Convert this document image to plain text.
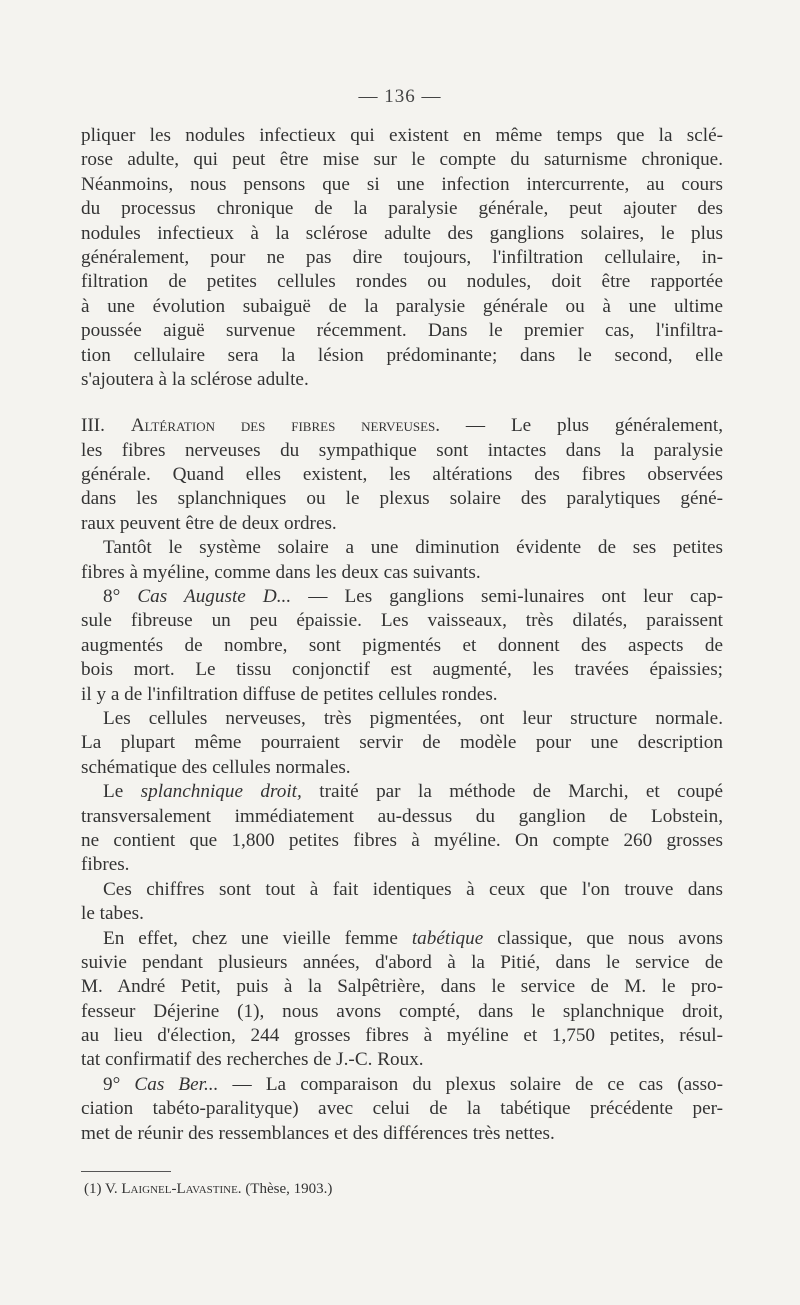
— 136 —
pliquer les nodules infectieux qui existent en même temps que la sclé-
rose adulte, qui peut être mise sur le compte du saturnisme chronique.
Néanmoins, nous pensons que si une infection intercurrente, au cours
du processus chronique de la paralysie générale, peut ajouter des
nodules infectieux à la sclérose adulte des ganglions solaires, le plus
généralement, pour ne pas dire toujours, l'infiltration cellulaire, in-
filtration de petites cellules rondes ou nodules, doit être rapportée
à une évolution subaiguë de la paralysie générale ou à une ultime
poussée aiguë survenue récemment. Dans le premier cas, l'infiltra-
tion cellulaire sera la lésion prédominante; dans le second, elle
s'ajoutera à la sclérose adulte.
III. Altération des fibres nerveuses. — Le plus généralement,
les fibres nerveuses du sympathique sont intactes dans la paralysie
générale. Quand elles existent, les altérations des fibres observées
dans les splanchniques ou le plexus solaire des paralytiques géné-
raux peuvent être de deux ordres.
Tantôt le système solaire a une diminution évidente de ses petites
fibres à myéline, comme dans les deux cas suivants.
8° Cas Auguste D... — Les ganglions semi-lunaires ont leur cap-
sule fibreuse un peu épaissie. Les vaisseaux, très dilatés, paraissent
augmentés de nombre, sont pigmentés et donnent des aspects de
bois mort. Le tissu conjonctif est augmenté, les travées épaissies;
il y a de l'infiltration diffuse de petites cellules rondes.
Les cellules nerveuses, très pigmentées, ont leur structure normale.
La plupart même pourraient servir de modèle pour une description
schématique des cellules normales.
Le splanchnique droit, traité par la méthode de Marchi, et coupé
transversalement immédiatement au-dessus du ganglion de Lobstein,
ne contient que 1,800 petites fibres à myéline. On compte 260 grosses
fibres.
Ces chiffres sont tout à fait identiques à ceux que l'on trouve dans
le tabes.
En effet, chez une vieille femme tabétique classique, que nous avons
suivie pendant plusieurs années, d'abord à la Pitié, dans le service de
M. André Petit, puis à la Salpêtrière, dans le service de M. le pro-
fesseur Déjerine (1), nous avons compté, dans le splanchnique droit,
au lieu d'élection, 244 grosses fibres à myéline et 1,750 petites, résul-
tat confirmatif des recherches de J.-C. Roux.
9° Cas Ber... — La comparaison du plexus solaire de ce cas (asso-
ciation tabéto-paralityque) avec celui de la tabétique précédente per-
met de réunir des ressemblances et des différences très nettes.
(1) V. Laignel-Lavastine. (Thèse, 1903.)
